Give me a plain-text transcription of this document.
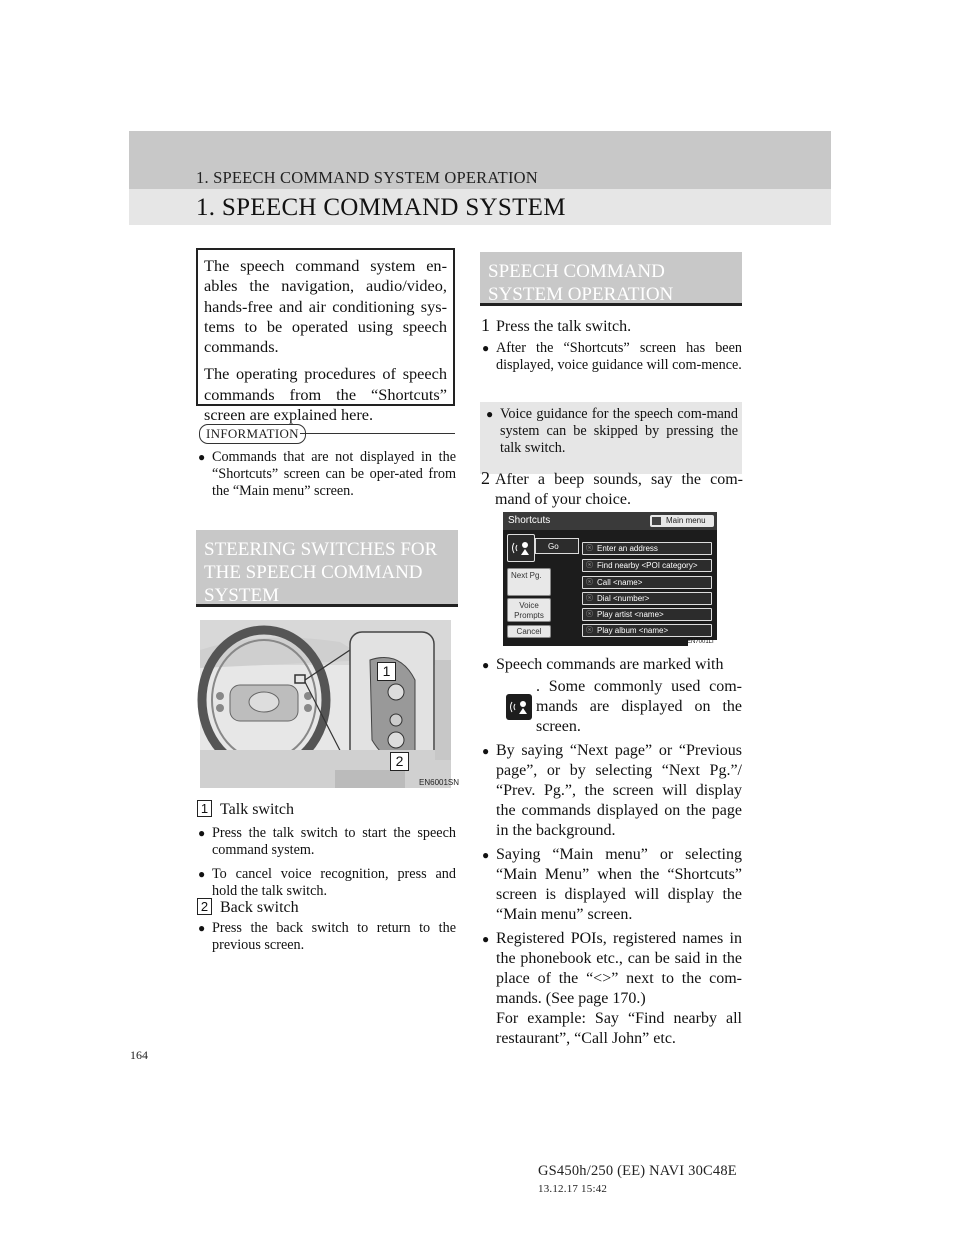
1. SPEECH COMMAND SYSTEM OPERATION
1. SPEECH COMMAND SYSTEM

The speech command system en-ables the navigation, audio/video, hands-free and air conditioning sys-tems to be operated using speech commands.

The operating procedures of speech commands from the “Shortcuts” screen are explained here.

INFORMATION
● Commands that are not displayed in the “Shortcuts” screen can be oper-ated from the “Main menu” screen.
STEERING SWITCHES FOR THE SPEECH COMMAND SYSTEM
1
2
EN6001SN
1 Talk switch
● Press the talk switch to start the speech command system.
● To cancel voice recognition, press and hold the talk switch.
2 Back switch
● Press the back switch to return to the previous screen.
SPEECH COMMAND SYSTEM OPERATION
1 Press the talk switch.
● After the “Shortcuts” screen has been displayed, voice guidance will com-mence.
● Voice guidance for the speech com-mand system can be skipped by pressing the talk switch.
2 After a beep sounds, say the com-mand of your choice.
Shortcuts	Main menu
Go
Next Pg.
Voice
Prompts
Cancel
ⓢ Enter an address
ⓢ Find nearby <POI category>
ⓢ Call <name>
ⓢ Dial <number>
ⓢ Play artist <name>
ⓢ Play album <name>
EN7001LI
● Speech commands are marked with
. Some commonly used com-mands are displayed on the screen.
● By saying “Next page” or “Previous page”, or by selecting “Next Pg.”/ “Prev. Pg.”, the screen will display the commands displayed on the page in the background.
● Saying “Main menu” or selecting “Main Menu” when the “Shortcuts” screen is displayed will display the “Main menu” screen.
● Registered POIs, registered names in the phonebook etc., can be said in the place of the “<>” next to the com-mands. (See page 170.)
For example: Say “Find nearby all restaurant”, “Call John” etc.
164
GS450h/250 (EE) NAVI 30C48E
13.12.17 15:42
